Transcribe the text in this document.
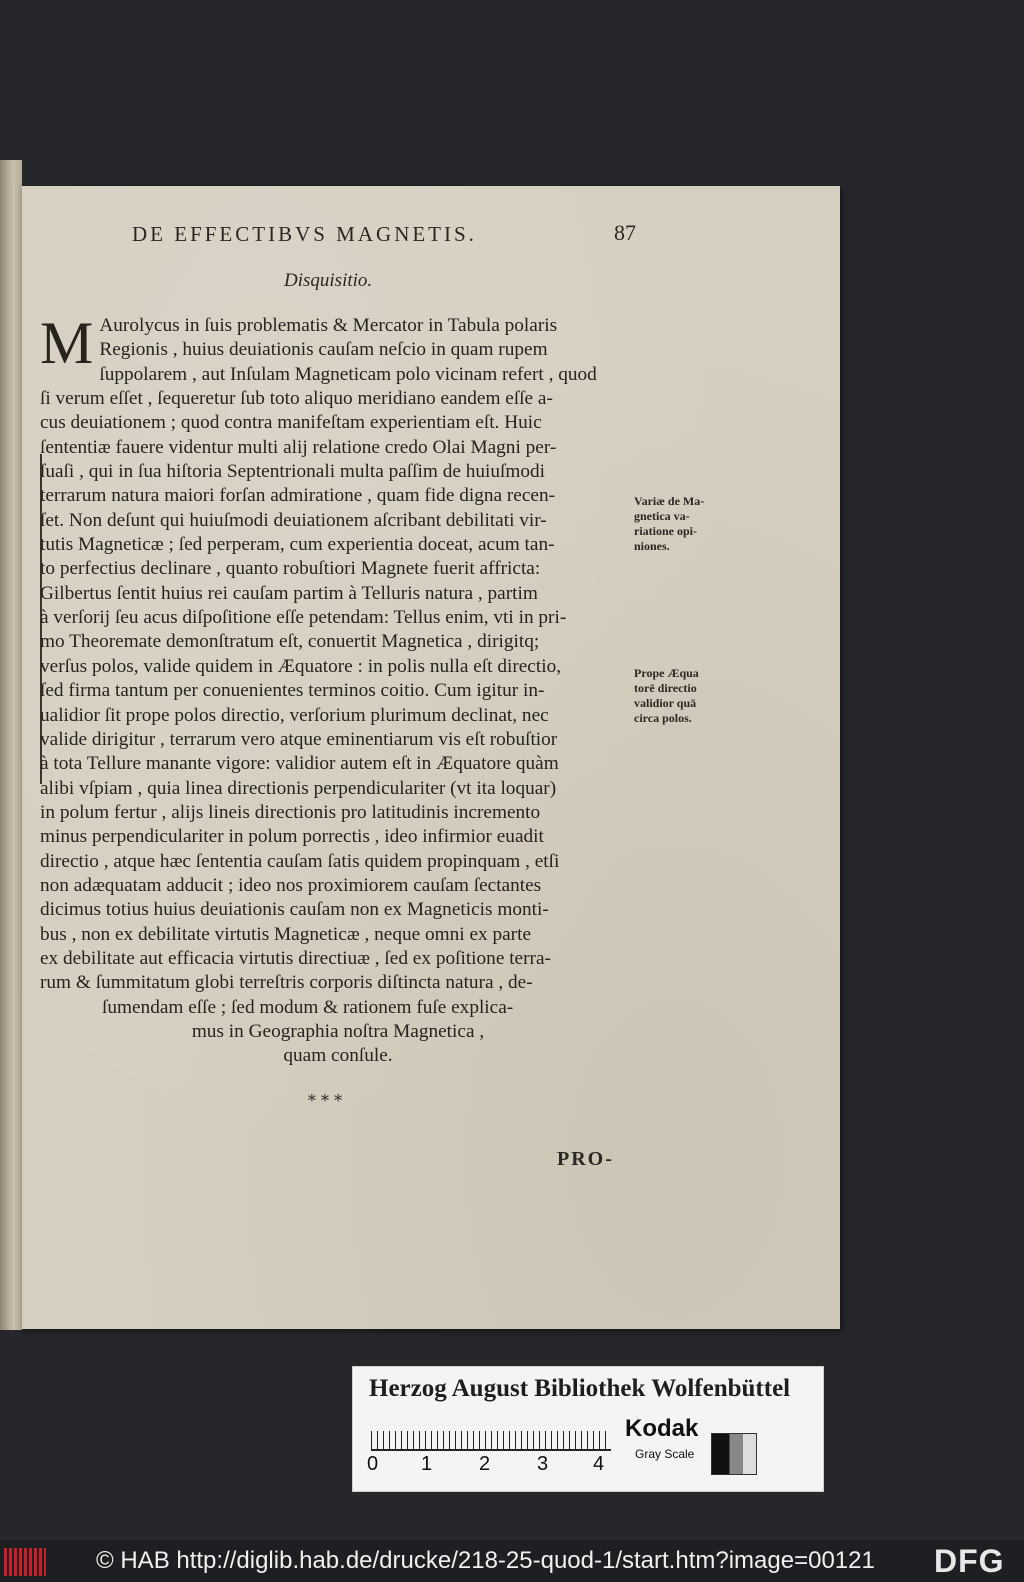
DE EFFECTIBVS MAGNETIS.	87
Disquisitio.
M Aurolycus in ſuis problematis & Mercator in Tabula polaris
Regionis , huius deuiationis cauſam neſcio in quam rupem
ſuppolarem , aut Inſulam Magneticam polo vicinam refert , quod
ſi verum eſſet , ſequeretur ſub toto aliquo meridiano eandem eſſe a-
cus deuiationem ; quod contra manifeſtam experientiam eſt. Huic
ſententiæ fauere videntur multi alij relatione credo Olai Magni per-
ſuaſi , qui in ſua hiſtoria Septentrionali multa paſſim de huiuſmodi
terrarum natura maiori forſan admiratione , quam fide digna recen-
ſet. Non deſunt qui huiuſmodi deuiationem aſcribant debilitati vir-
tutis Magneticæ ; ſed perperam, cum experientia doceat, acum tan-
to perfectius declinare , quanto robuſtiori Magnete fuerit affricta:
Gilbertus ſentit huius rei cauſam partim à Telluris natura , partim
à verſorij ſeu acus diſpoſitione eſſe petendam: Tellus enim, vti in pri-
mo Theoremate demonſtratum eſt, conuertit Magnetica , dirigitq;
verſus polos, valide quidem in Æquatore : in polis nulla eſt directio,
ſed firma tantum per conuenientes terminos coitio. Cum igitur in-
ualidior ſit prope polos directio, verſorium plurimum declinat, nec
valide dirigitur , terrarum vero atque eminentiarum vis eſt robuſtior
à tota Tellure manante vigore: validior autem eſt in Æquatore quàm
alibi vſpiam , quia linea directionis perpendiculariter (vt ita loquar)
in polum fertur , alijs lineis directionis pro latitudinis incremento
minus perpendiculariter in polum porrectis , ideo infirmior euadit
directio , atque hæc ſententia cauſam ſatis quidem propinquam , etſi
non adæquatam adducit ; ideo nos proximiorem cauſam ſectantes
dicimus totius huius deuiationis cauſam non ex Magneticis monti-
bus , non ex debilitate virtutis Magneticæ , neque omni ex parte
ex debilitate aut efficacia virtutis directiuæ , ſed ex poſitione terra-
rum & ſummitatum globi terreſtris corporis diſtincta natura , de-
ſumendam eſſe ; ſed modum & rationem fuſe explica-
mus in Geographia noſtra Magnetica ,
quam conſule.
Variæ de Ma-
gnetica va-
riatione opi-
niones.
Prope Æqua
torē directio
validior quā
circa polos.
* * *
PRO-
Herzog August Bibliothek Wolfenbüttel
0 1 2 3 4
Kodak
Gray Scale
© HAB http://diglib.hab.de/drucke/218-25-quod-1/start.htm?image=00121 DFG
